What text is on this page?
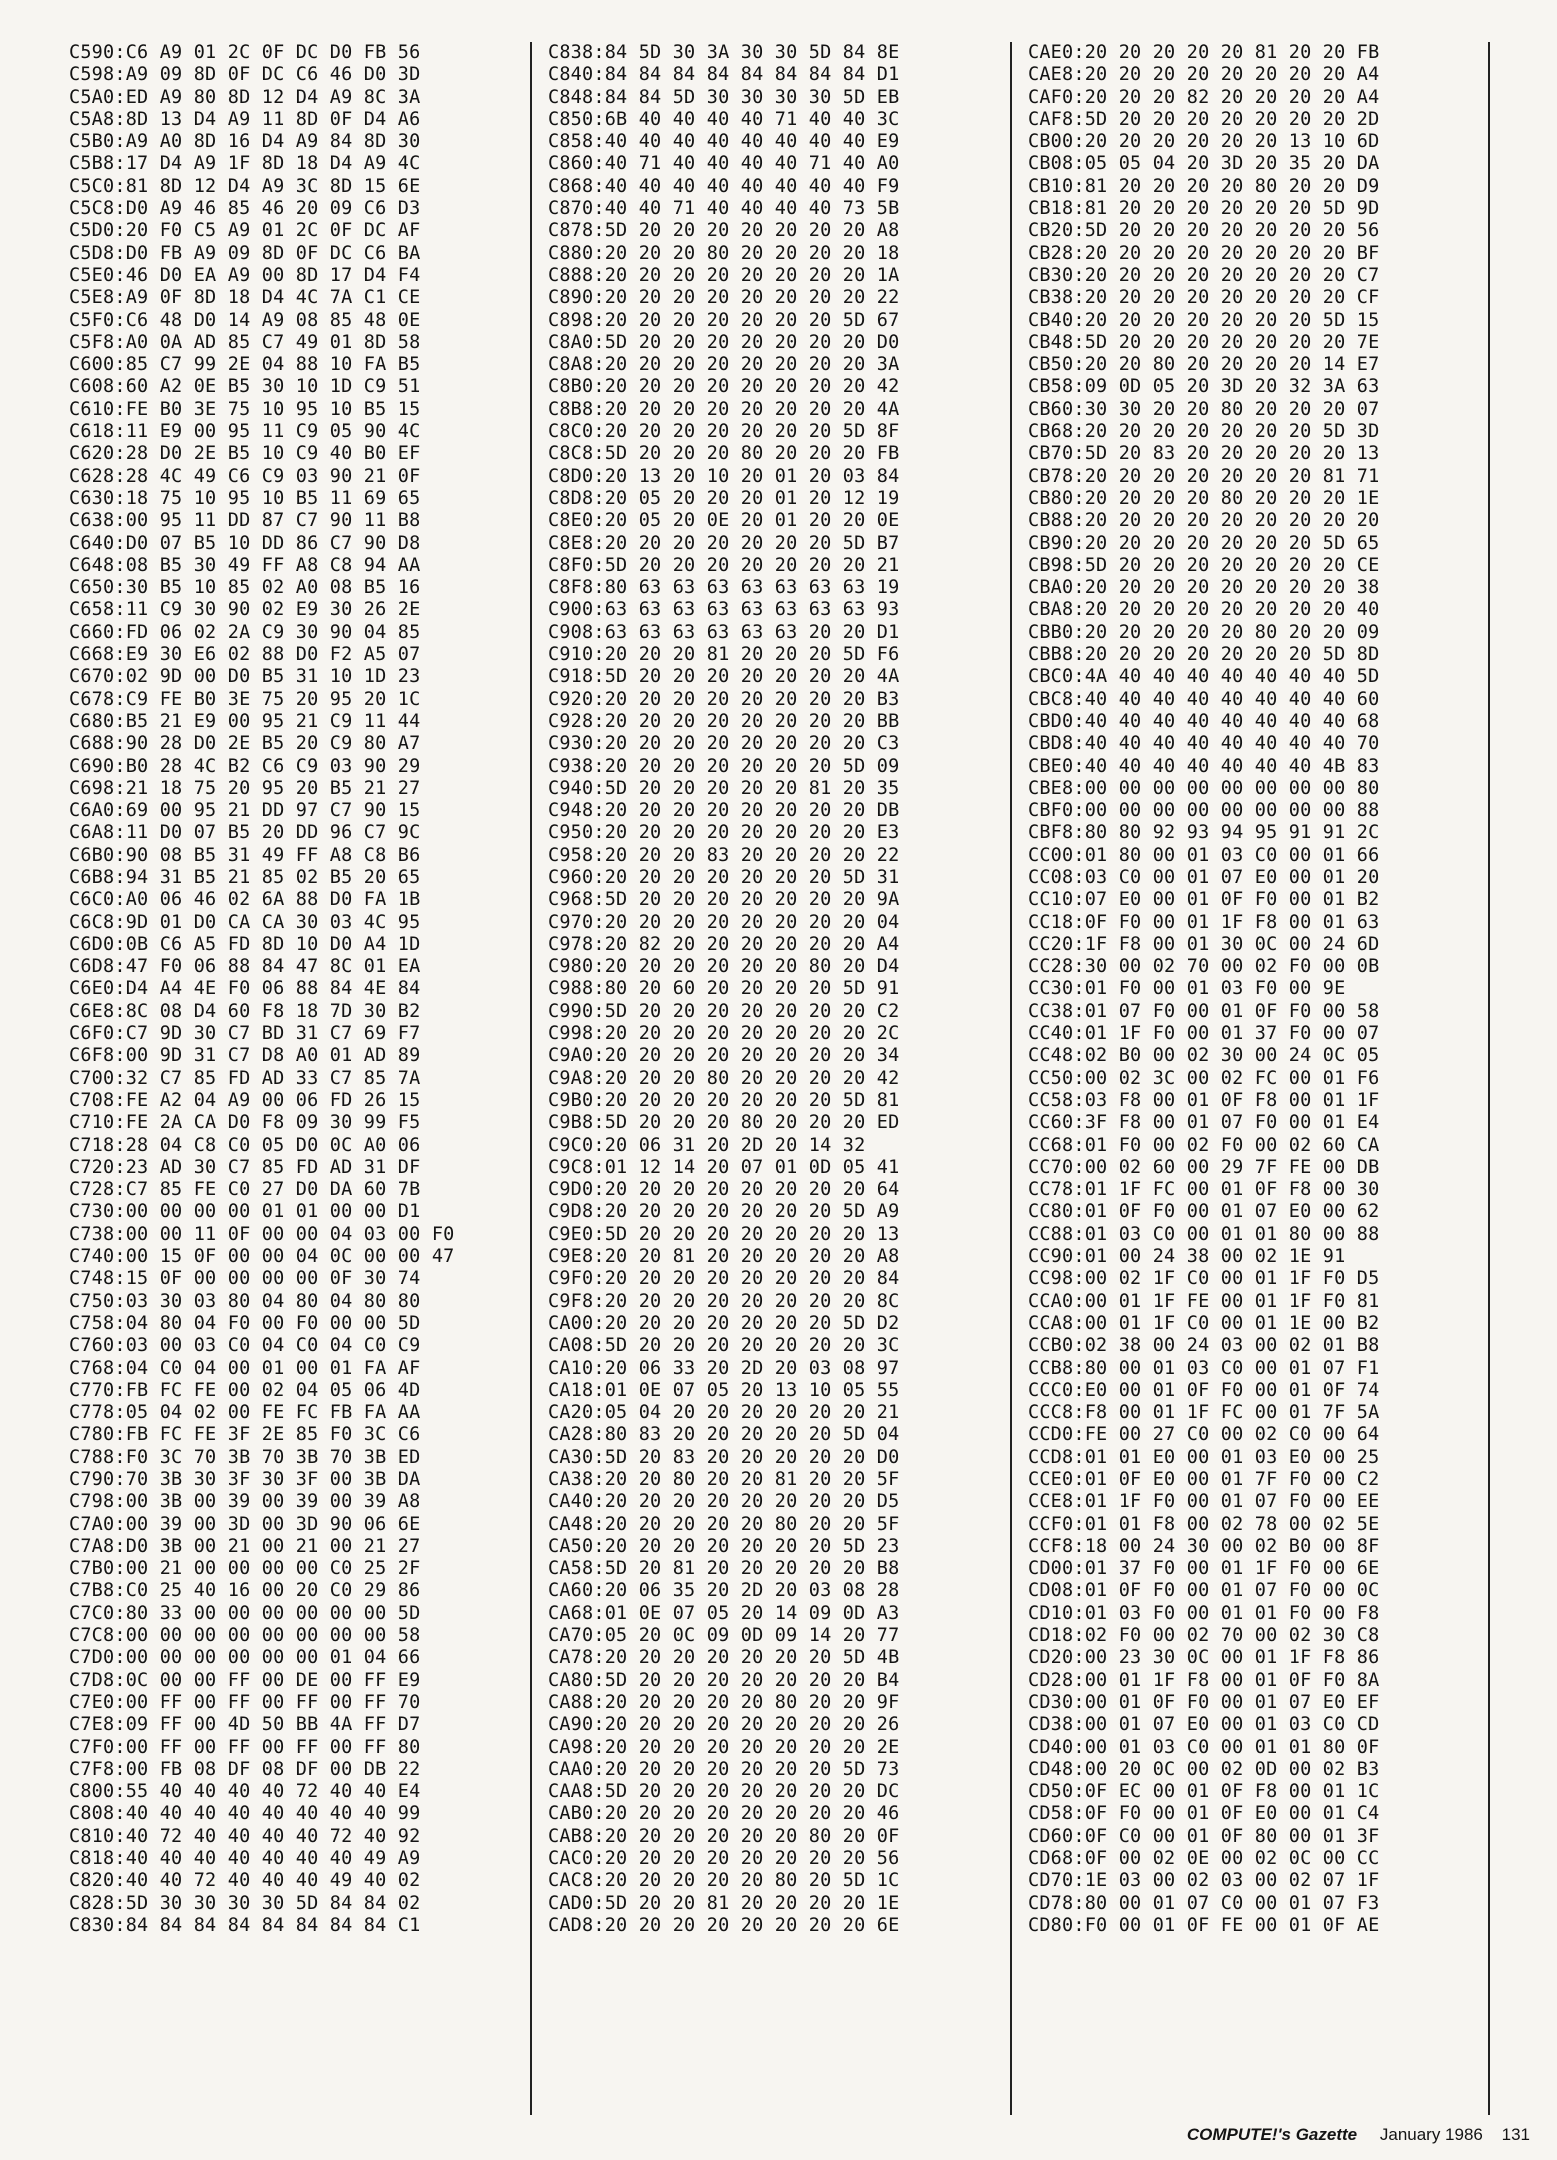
C590:C6 A9 01 2C 0F DC D0 FB 56
C598:A9 09 8D 0F DC C6 46 D0 3D
C5A0:ED A9 80 8D 12 D4 A9 8C 3A
C5A8:8D 13 D4 A9 11 8D 0F D4 A6
C5B0:A9 A0 8D 16 D4 A9 84 8D 30
C5B8:17 D4 A9 1F 8D 18 D4 A9 4C
C5C0:81 8D 12 D4 A9 3C 8D 15 6E
C5C8:D0 A9 46 85 46 20 09 C6 D3
C5D0:20 F0 C5 A9 01 2C 0F DC AF
C5D8:D0 FB A9 09 8D 0F DC C6 BA
C5E0:46 D0 EA A9 00 8D 17 D4 F4
C5E8:A9 0F 8D 18 D4 4C 7A C1 CE
C5F0:C6 48 D0 14 A9 08 85 48 0E
C5F8:A0 0A AD 85 C7 49 01 8D 58
C600:85 C7 99 2E 04 88 10 FA B5
C608:60 A2 0E B5 30 10 1D C9 51
C610:FE B0 3E 75 10 95 10 B5 15
C618:11 E9 00 95 11 C9 05 90 4C
C620:28 D0 2E B5 10 C9 40 B0 EF
C628:28 4C 49 C6 C9 03 90 21 0F
C630:18 75 10 95 10 B5 11 69 65
C638:00 95 11 DD 87 C7 90 11 B8
C640:D0 07 B5 10 DD 86 C7 90 D8
C648:08 B5 30 49 FF A8 C8 94 AA
C650:30 B5 10 85 02 A0 08 B5 16
C658:11 C9 30 90 02 E9 30 26 2E
C660:FD 06 02 2A C9 30 90 04 85
C668:E9 30 E6 02 88 D0 F2 A5 07
C670:02 9D 00 D0 B5 31 10 1D 23
C678:C9 FE B0 3E 75 20 95 20 1C
C680:B5 21 E9 00 95 21 C9 11 44
C688:90 28 D0 2E B5 20 C9 80 A7
C690:B0 28 4C B2 C6 C9 03 90 29
C698:21 18 75 20 95 20 B5 21 27
C6A0:69 00 95 21 DD 97 C7 90 15
C6A8:11 D0 07 B5 20 DD 96 C7 9C
C6B0:90 08 B5 31 49 FF A8 C8 B6
C6B8:94 31 B5 21 85 02 B5 20 65
C6C0:A0 06 46 02 6A 88 D0 FA 1B
C6C8:9D 01 D0 CA CA 30 03 4C 95
C6D0:0B C6 A5 FD 8D 10 D0 A4 1D
C6D8:47 F0 06 88 84 47 8C 01 EA
C6E0:D4 A4 4E F0 06 88 84 4E 84
C6E8:8C 08 D4 60 F8 18 7D 30 B2
C6F0:C7 9D 30 C7 BD 31 C7 69 F7
C6F8:00 9D 31 C7 D8 A0 01 AD 89
C700:32 C7 85 FD AD 33 C7 85 7A
C708:FE A2 04 A9 00 06 FD 26 15
C710:FE 2A CA D0 F8 09 30 99 F5
C718:28 04 C8 C0 05 D0 0C A0 06
C720:23 AD 30 C7 85 FD AD 31 DF
C728:C7 85 FE C0 27 D0 DA 60 7B
C730:00 00 00 00 01 01 00 00 D1
C738:00 00 11 0F 00 00 04 03 00 F0
C740:00 15 0F 00 00 04 0C 00 00 47
C748:15 0F 00 00 00 00 0F 30 74
C750:03 30 03 80 04 80 04 80 80
C758:04 80 04 F0 00 F0 00 00 5D
C760:03 00 03 C0 04 C0 04 C0 C9
C768:04 C0 04 00 01 00 01 FA AF
C770:FB FC FE 00 02 04 05 06 4D
C778:05 04 02 00 FE FC FB FA AA
C780:FB FC FE 3F 2E 85 F0 3C C6
C788:F0 3C 70 3B 70 3B 70 3B ED
C790:70 3B 30 3F 30 3F 00 3B DA
C798:00 3B 00 39 00 39 00 39 A8
C7A0:00 39 00 3D 00 3D 90 06 6E
C7A8:D0 3B 00 21 00 21 00 21 27
C7B0:00 21 00 00 00 00 C0 25 2F
C7B8:C0 25 40 16 00 20 C0 29 86
C7C0:80 33 00 00 00 00 00 00 5D
C7C8:00 00 00 00 00 00 00 00 58
C7D0:00 00 00 00 00 00 01 04 66
C7D8:0C 00 00 FF 00 DE 00 FF E9
C7E0:00 FF 00 FF 00 FF 00 FF 70
C7E8:09 FF 00 4D 50 BB 4A FF D7
C7F0:00 FF 00 FF 00 FF 00 FF 80
C7F8:00 FB 08 DF 08 DF 00 DB 22
C800:55 40 40 40 40 72 40 40 E4
C808:40 40 40 40 40 40 40 40 99
C810:40 72 40 40 40 40 72 40 92
C818:40 40 40 40 40 40 40 49 A9
C820:40 40 72 40 40 40 49 40 02
C828:5D 30 30 30 30 5D 84 84 02
C830:84 84 84 84 84 84 84 84 C1
C838:84 5D 30 3A 30 30 5D 84 8E
C840:84 84 84 84 84 84 84 84 D1
C848:84 84 5D 30 30 30 30 5D EB
C850:6B 40 40 40 40 71 40 40 3C
C858:40 40 40 40 40 40 40 40 E9
C860:40 71 40 40 40 40 71 40 A0
C868:40 40 40 40 40 40 40 40 F9
C870:40 40 71 40 40 40 40 73 5B
C878:5D 20 20 20 20 20 20 20 A8
C880:20 20 20 80 20 20 20 20 18
C888:20 20 20 20 20 20 20 20 1A
C890:20 20 20 20 20 20 20 20 22
C898:20 20 20 20 20 20 20 5D 67
C8A0:5D 20 20 20 20 20 20 20 D0
C8A8:20 20 20 20 20 20 20 20 3A
C8B0:20 20 20 20 20 20 20 20 42
C8B8:20 20 20 20 20 20 20 20 4A
C8C0:20 20 20 20 20 20 20 5D 8F
C8C8:5D 20 20 20 80 20 20 20 FB
C8D0:20 13 20 10 20 01 20 03 84
C8D8:20 05 20 20 20 01 20 12 19
C8E0:20 05 20 0E 20 01 20 20 0E
C8E8:20 20 20 20 20 20 20 5D B7
C8F0:5D 20 20 20 20 20 20 20 21
C8F8:80 63 63 63 63 63 63 63 19
C900:63 63 63 63 63 63 63 63 93
C908:63 63 63 63 63 63 20 20 D1
C910:20 20 20 81 20 20 20 5D F6
C918:5D 20 20 20 20 20 20 20 4A
C920:20 20 20 20 20 20 20 20 B3
C928:20 20 20 20 20 20 20 20 BB
C930:20 20 20 20 20 20 20 20 C3
C938:20 20 20 20 20 20 20 5D 09
C940:5D 20 20 20 20 20 81 20 35
C948:20 20 20 20 20 20 20 20 DB
C950:20 20 20 20 20 20 20 20 E3
C958:20 20 20 83 20 20 20 20 22
C960:20 20 20 20 20 20 20 5D 31
C968:5D 20 20 20 20 20 20 20 9A
C970:20 20 20 20 20 20 20 20 04
C978:20 82 20 20 20 20 20 20 A4
C980:20 20 20 20 20 20 80 20 D4
C988:80 20 60 20 20 20 20 5D 91
C990:5D 20 20 20 20 20 20 20 C2
C998:20 20 20 20 20 20 20 20 2C
C9A0:20 20 20 20 20 20 20 20 34
C9A8:20 20 20 80 20 20 20 20 42
C9B0:20 20 20 20 20 20 20 5D 81
C9B8:5D 20 20 20 80 20 20 20 ED
C9C0:20 06 31 20 2D 20 14 32
C9C8:01 12 14 20 07 01 0D 05 41
C9D0:20 20 20 20 20 20 20 20 64
C9D8:20 20 20 20 20 20 20 5D A9
C9E0:5D 20 20 20 20 20 20 20 13
C9E8:20 20 81 20 20 20 20 20 A8
C9F0:20 20 20 20 20 20 20 20 84
C9F8:20 20 20 20 20 20 20 20 8C
CA00:20 20 20 20 20 20 20 5D D2
CA08:5D 20 20 20 20 20 20 20 3C
CA10:20 06 33 20 2D 20 03 08 97
CA18:01 0E 07 05 20 13 10 05 55
CA20:05 04 20 20 20 20 20 20 21
CA28:80 83 20 20 20 20 20 5D 04
CA30:5D 20 83 20 20 20 20 20 D0
CA38:20 20 80 20 20 81 20 20 5F
CA40:20 20 20 20 20 20 20 20 D5
CA48:20 20 20 20 20 80 20 20 5F
CA50:20 20 20 20 20 20 20 5D 23
CA58:5D 20 81 20 20 20 20 20 B8
CA60:20 06 35 20 2D 20 03 08 28
CA68:01 0E 07 05 20 14 09 0D A3
CA70:05 20 0C 09 0D 09 14 20 77
CA78:20 20 20 20 20 20 20 5D 4B
CA80:5D 20 20 20 20 20 20 20 B4
CA88:20 20 20 20 20 80 20 20 9F
CA90:20 20 20 20 20 20 20 20 26
CA98:20 20 20 20 20 20 20 20 2E
CAA0:20 20 20 20 20 20 20 5D 73
CAA8:5D 20 20 20 20 20 20 20 DC
CAB0:20 20 20 20 20 20 20 20 46
CAB8:20 20 20 20 20 20 80 20 0F
CAC0:20 20 20 20 20 20 20 20 56
CAC8:20 20 20 20 20 80 20 5D 1C
CAD0:5D 20 20 81 20 20 20 20 1E
CAD8:20 20 20 20 20 20 20 20 6E
CAE0:20 20 20 20 20 81 20 20 FB
CAE8:20 20 20 20 20 20 20 20 A4
CAF0:20 20 20 82 20 20 20 20 A4
CAF8:5D 20 20 20 20 20 20 20 2D
CB00:20 20 20 20 20 20 13 10 6D
CB08:05 05 04 20 3D 20 35 20 DA
CB10:81 20 20 20 20 80 20 20 D9
CB18:81 20 20 20 20 20 20 5D 9D
CB20:5D 20 20 20 20 20 20 20 56
CB28:20 20 20 20 20 20 20 20 BF
CB30:20 20 20 20 20 20 20 20 C7
CB38:20 20 20 20 20 20 20 20 CF
CB40:20 20 20 20 20 20 20 5D 15
CB48:5D 20 20 20 20 20 20 20 7E
CB50:20 20 80 20 20 20 20 14 E7
CB58:09 0D 05 20 3D 20 32 3A 63
CB60:30 30 20 20 80 20 20 20 07
CB68:20 20 20 20 20 20 20 5D 3D
CB70:5D 20 83 20 20 20 20 20 13
CB78:20 20 20 20 20 20 20 81 71
CB80:20 20 20 20 80 20 20 20 1E
CB88:20 20 20 20 20 20 20 20 20
CB90:20 20 20 20 20 20 20 5D 65
CB98:5D 20 20 20 20 20 20 20 CE
CBA0:20 20 20 20 20 20 20 20 38
CBA8:20 20 20 20 20 20 20 20 40
CBB0:20 20 20 20 20 80 20 20 09
CBB8:20 20 20 20 20 20 20 5D 8D
CBC0:4A 40 40 40 40 40 40 40 5D
CBC8:40 40 40 40 40 40 40 40 60
CBD0:40 40 40 40 40 40 40 40 68
CBD8:40 40 40 40 40 40 40 40 70
CBE0:40 40 40 40 40 40 40 4B 83
CBE8:00 00 00 00 00 00 00 00 80
CBF0:00 00 00 00 00 00 00 00 88
CBF8:80 80 92 93 94 95 91 91 2C
CC00:01 80 00 01 03 C0 00 01 66
CC08:03 C0 00 01 07 E0 00 01 20
CC10:07 E0 00 01 0F F0 00 01 B2
CC18:0F F0 00 01 1F F8 00 01 63
CC20:1F F8 00 01 30 0C 00 24 6D
CC28:30 00 02 70 00 02 F0 00 0B
CC30:01 F0 00 01 03 F0 00 9E
CC38:01 07 F0 00 01 0F F0 00 58
CC40:01 1F F0 00 01 37 F0 00 07
CC48:02 B0 00 02 30 00 24 0C 05
CC50:00 02 3C 00 02 FC 00 01 F6
CC58:03 F8 00 01 0F F8 00 01 1F
CC60:3F F8 00 01 07 F0 00 01 E4
CC68:01 F0 00 02 F0 00 02 60 CA
CC70:00 02 60 00 29 7F FE 00 DB
CC78:01 1F FC 00 01 0F F8 00 30
CC80:01 0F F0 00 01 07 E0 00 62
CC88:01 03 C0 00 01 01 80 00 88
CC90:01 00 24 38 00 02 1E 91
CC98:00 02 1F C0 00 01 1F F0 D5
CCA0:00 01 1F FE 00 01 1F F0 81
CCA8:00 01 1F C0 00 01 1E 00 B2
CCB0:02 38 00 24 03 00 02 01 B8
CCB8:80 00 01 03 C0 00 01 07 F1
CCC0:E0 00 01 0F F0 00 01 0F 74
CCC8:F8 00 01 1F FC 00 01 7F 5A
CCD0:FE 00 27 C0 00 02 C0 00 64
CCD8:01 01 E0 00 01 03 E0 00 25
CCE0:01 0F E0 00 01 7F F0 00 C2
CCE8:01 1F F0 00 01 07 F0 00 EE
CCF0:01 01 F8 00 02 78 00 02 5E
CCF8:18 00 24 30 00 02 B0 00 8F
CD00:01 37 F0 00 01 1F F0 00 6E
CD08:01 0F F0 00 01 07 F0 00 0C
CD10:01 03 F0 00 01 01 F0 00 F8
CD18:02 F0 00 02 70 00 02 30 C8
CD20:00 23 30 0C 00 01 1F F8 86
CD28:00 01 1F F8 00 01 0F F0 8A
CD30:00 01 0F F0 00 01 07 E0 EF
CD38:00 01 07 E0 00 01 03 C0 CD
CD40:00 01 03 C0 00 01 01 80 0F
CD48:00 20 0C 00 02 0D 00 02 B3
CD50:0F EC 00 01 0F F8 00 01 1C
CD58:0F F0 00 01 0F E0 00 01 C4
CD60:0F C0 00 01 0F 80 00 01 3F
CD68:0F 00 02 0E 00 02 0C 00 CC
CD70:1E 03 00 02 03 00 02 07 1F
CD78:80 00 01 07 C0 00 01 07 F3
CD80:F0 00 01 0F FE 00 01 0F AE
COMPUTE!'s Gazette January 1986 131
